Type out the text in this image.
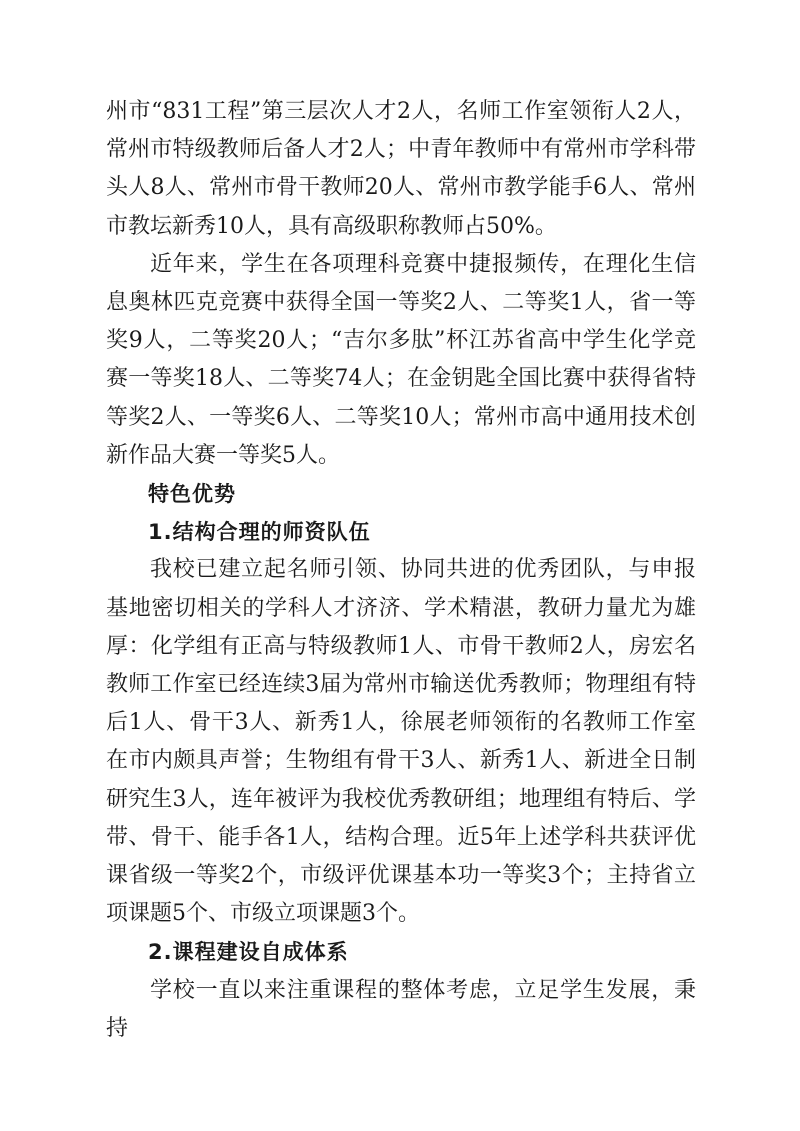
州市“831工程”第三层次人才2人，名师工作室领衔人2人，常州市特级教师后备人才2人；中青年教师中有常州市学科带头人8人、常州市骨干教师20人、常州市教学能手6人、常州市教坛新秀10人，具有高级职称教师占50%。

近年来，学生在各项理科竞赛中捷报频传，在理化生信息奥林匹克竞赛中获得全国一等奖2人、二等奖1人，省一等奖9人，二等奖20人；“吉尔多肽”杯江苏省高中学生化学竞赛一等奖18人、二等奖74人；在金钥匙全国比赛中获得省特等奖2人、一等奖6人、二等奖10人；常州市高中通用技术创新作品大赛一等奖5人。

特色优势

1.结构合理的师资队伍

我校已建立起名师引领、协同共进的优秀团队，与申报基地密切相关的学科人才济济、学术精湛，教研力量尤为雄厚：化学组有正高与特级教师1人、市骨干教师2人，房宏名教师工作室已经连续3届为常州市输送优秀教师；物理组有特后1人、骨干3人、新秀1人，徐展老师领衔的名教师工作室在市内颇具声誉；生物组有骨干3人、新秀1人、新进全日制研究生3人，连年被评为我校优秀教研组；地理组有特后、学带、骨干、能手各1人，结构合理。近5年上述学科共获评优课省级一等奖2个，市级评优课基本功一等奖3个；主持省立项课题5个、市级立项课题3个。

2.课程建设自成体系

学校一直以来注重课程的整体考虑，立足学生发展，秉持
